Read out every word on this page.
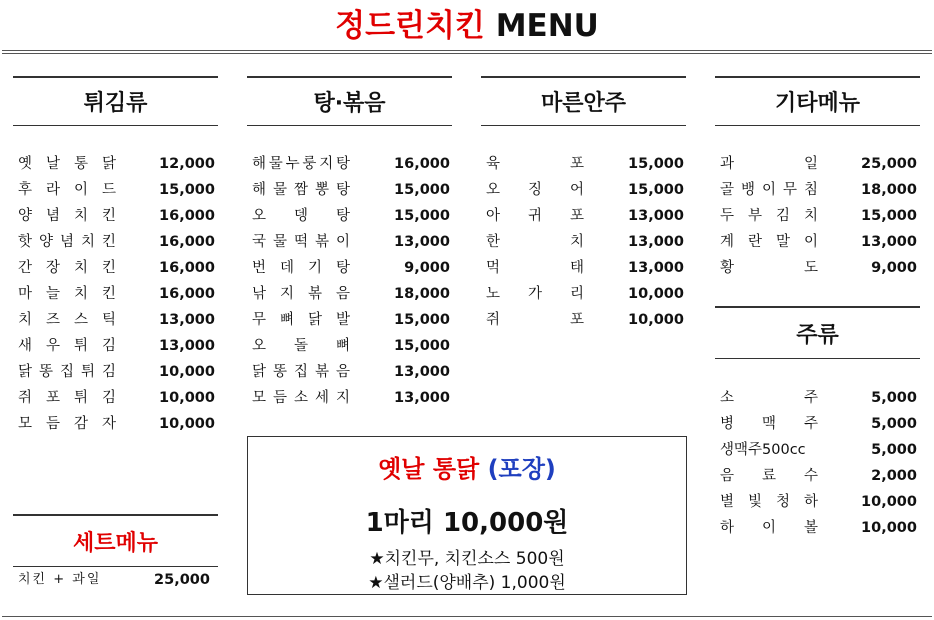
정드린치킨 MENU
튀김류
옛 날 통 닭	12,000
후 라 이 드	15,000
양 념 치 킨	16,000
핫 양 념 치 킨	16,000
간 장 치 킨	16,000
마 늘 치 킨	16,000
치 즈 스 틱	13,000
새 우 튀 김	13,000
닭 똥 집 튀 김	10,000
쥐 포 튀 김	10,000
모 듬 감 자	10,000
탕·볶음
해 물 누 룽 지 탕	16,000
해 물 짬 뽕 탕	15,000
오 뎅 탕	15,000
국 물 떡 볶 이	13,000
번 데 기 탕	9,000
낚 지 볶 음	18,000
무 뼈 닭 발	15,000
오 돌 뼈	15,000
닭 똥 집 볶 음	13,000
모 듬 소 세 지	13,000
마른안주
육	포	15,000
오 징 어	15,000
아 귀 포	13,000
한	치	13,000
먹	태	13,000
노 가 리	10,000
쥐	포	10,000
기타메뉴
과	일	25,000
골 뱅 이 무 침	18,000
두 부 김 치	15,000
계 란 말 이	13,000
황	도	9,000
주류
소	주	5,000
병 맥 주	5,000
생맥주500cc	5,000
음 료 수	2,000
별 빛 청 하	10,000
하 이 볼	10,000
세트메뉴
치킨 + 과일	25,000
옛날 통닭 (포장)
1마리 10,000원
★치킨무, 치킨소스 500원
★샐러드(양배추) 1,000원
